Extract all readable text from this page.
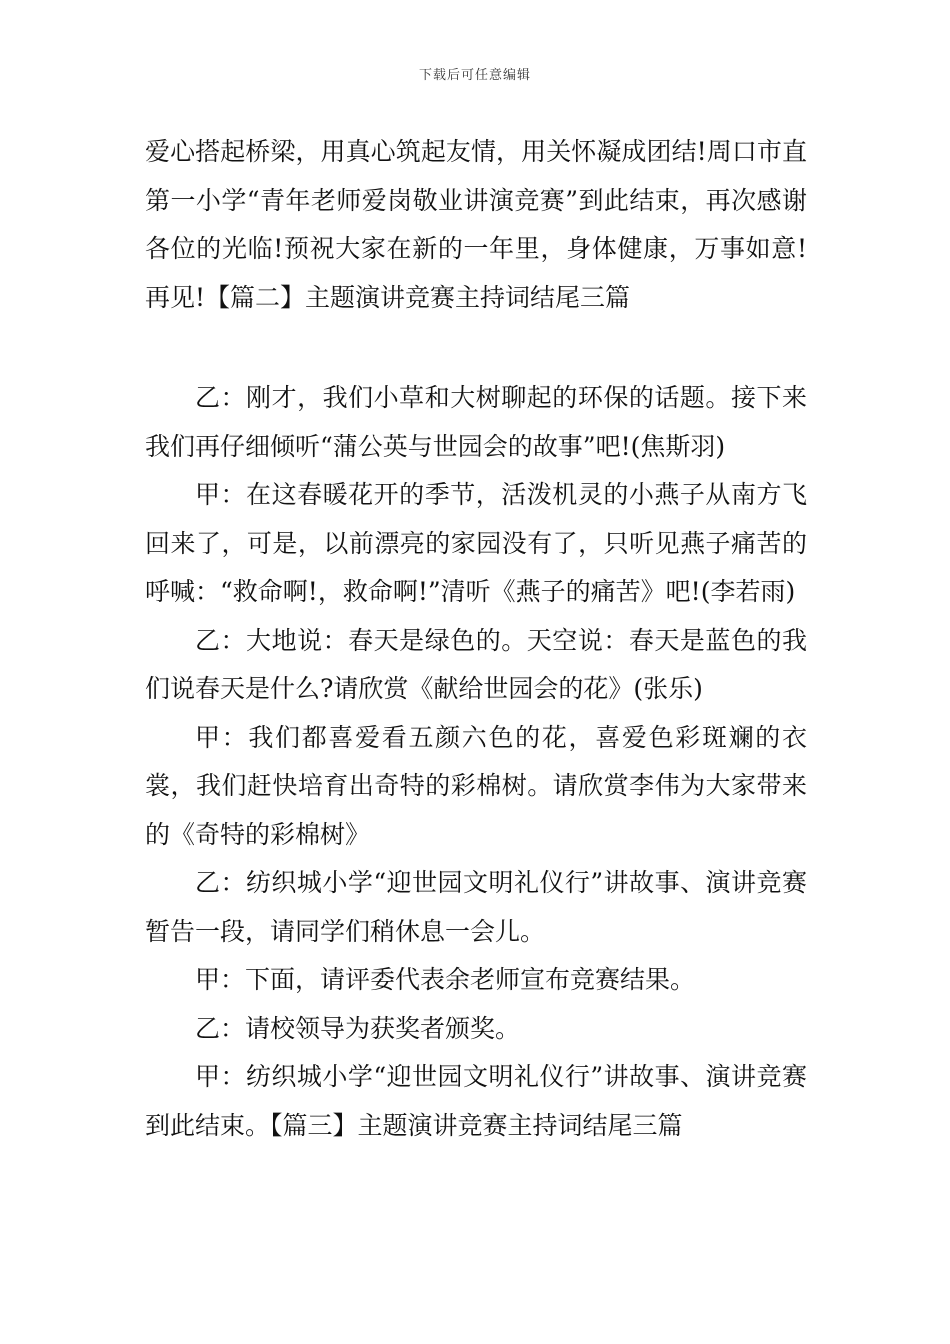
下载后可任意编辑

爱心搭起桥梁，用真心筑起友情，用关怀凝成团结!周口市直第一小学“青年老师爱岗敬业讲演竞赛”到此结束，再次感谢各位的光临!预祝大家在新的一年里，身体健康，万事如意!再见!【篇二】主题演讲竞赛主持词结尾三篇

乙：刚才，我们小草和大树聊起的环保的话题。接下来我们再仔细倾听“蒲公英与世园会的故事”吧!(焦斯羽)

甲：在这春暖花开的季节，活泼机灵的小燕子从南方飞回来了，可是，以前漂亮的家园没有了，只听见燕子痛苦的呼喊：“救命啊!，救命啊!”清听《燕子的痛苦》吧!(李若雨)

乙：大地说：春天是绿色的。天空说：春天是蓝色的我们说春天是什么?请欣赏《献给世园会的花》(张乐)

甲：我们都喜爱看五颜六色的花，喜爱色彩斑斓的衣裳，我们赶快培育出奇特的彩棉树。请欣赏李伟为大家带来的《奇特的彩棉树》

乙：纺织城小学“迎世园文明礼仪行”讲故事、演讲竞赛暂告一段，请同学们稍休息一会儿。

甲：下面，请评委代表余老师宣布竞赛结果。

乙：请校领导为获奖者颁奖。

甲：纺织城小学“迎世园文明礼仪行”讲故事、演讲竞赛到此结束。【篇三】主题演讲竞赛主持词结尾三篇
